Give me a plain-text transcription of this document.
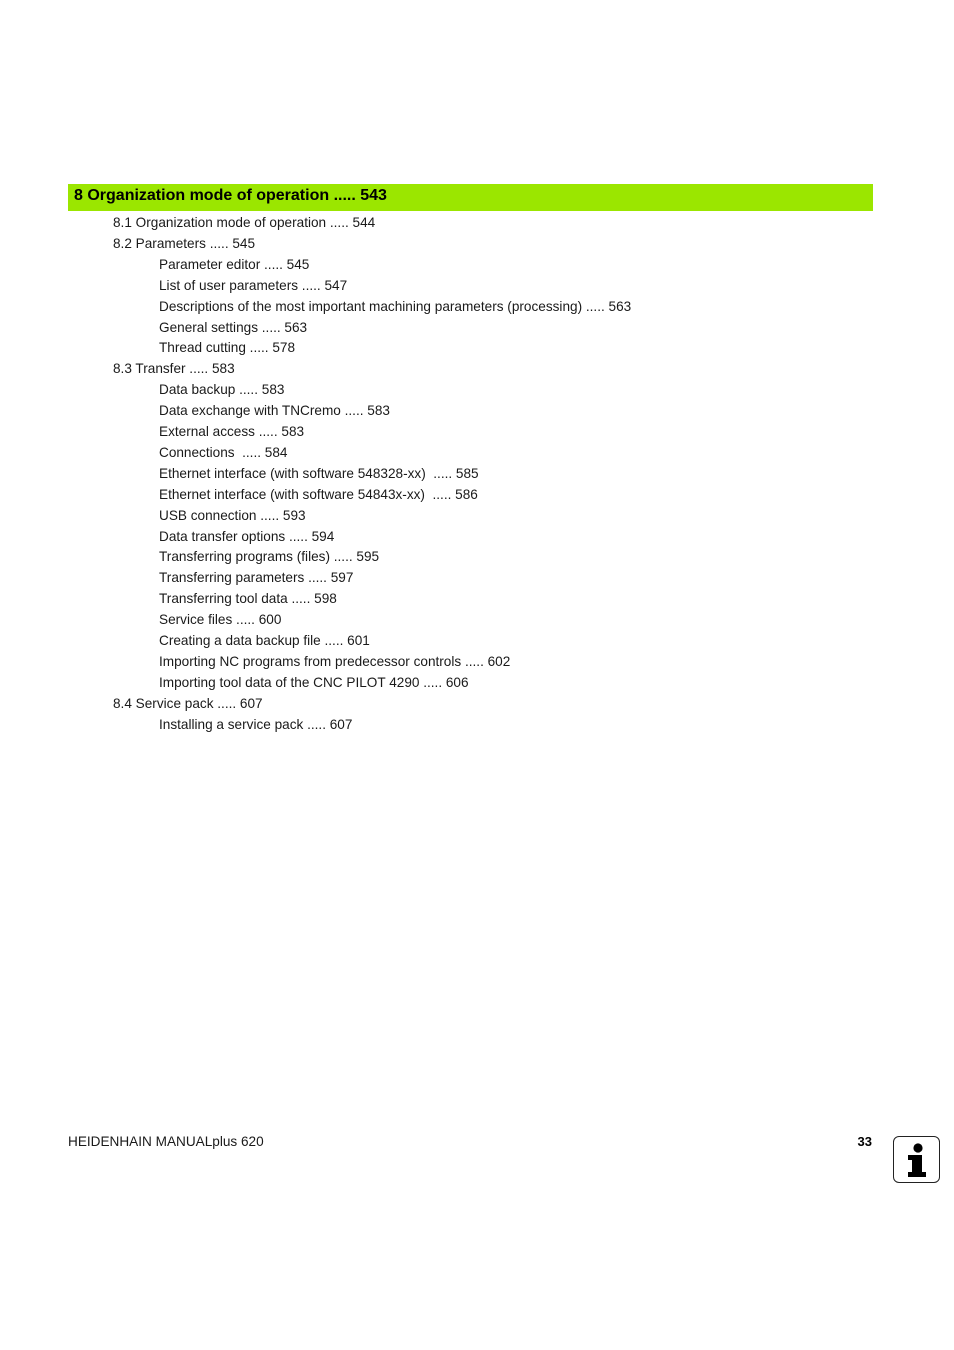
8 Organization mode of operation ..... 543
8.1 Organization mode of operation ..... 544
8.2 Parameters ..... 545
Parameter editor ..... 545
List of user parameters ..... 547
Descriptions of the most important machining parameters (processing) ..... 563
General settings ..... 563
Thread cutting ..... 578
8.3 Transfer ..... 583
Data backup ..... 583
Data exchange with TNCremo ..... 583
External access ..... 583
Connections  ..... 584
Ethernet interface (with software 548328-xx)  ..... 585
Ethernet interface (with software 54843x-xx)  ..... 586
USB connection ..... 593
Data transfer options ..... 594
Transferring programs (files) ..... 595
Transferring parameters ..... 597
Transferring tool data ..... 598
Service files ..... 600
Creating a data backup file ..... 601
Importing NC programs from predecessor controls ..... 602
Importing tool data of the CNC PILOT 4290 ..... 606
8.4 Service pack ..... 607
Installing a service pack ..... 607
HEIDENHAIN MANUALplus 620	33
